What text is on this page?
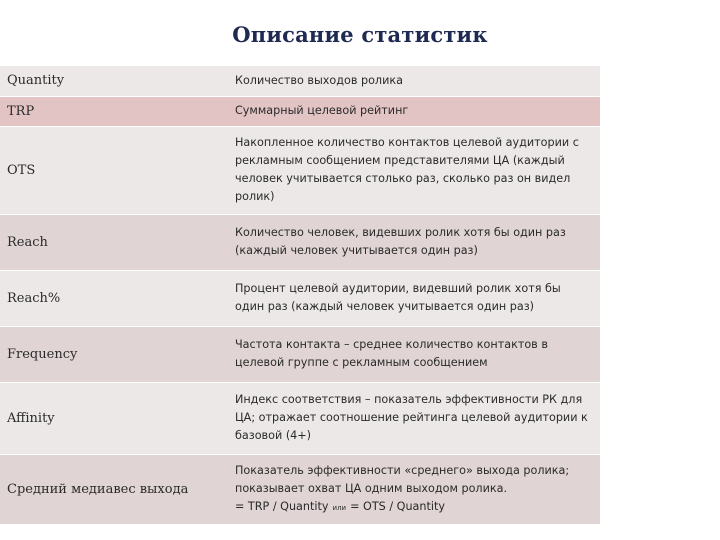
Описание статистик
Quantity	Количество выходов ролика
TRP	Суммарный целевой рейтинг
OTS	Накопленное количество контактов целевой аудитории с рекламным сообщением представителями ЦА (каждый человек учитывается столько раз, сколько раз он видел ролик)
Reach	Количество человек, видевших ролик хотя бы один раз (каждый человек учитывается один раз)
Reach%	Процент целевой аудитории, видевший ролик хотя бы один раз (каждый человек учитывается один раз)
Frequency	Частота контакта – среднее количество контактов в целевой группе с рекламным сообщением
Affinity	Индекс соответствия – показатель эффективности РК для ЦА; отражает соотношение рейтинга целевой аудитории к базовой (4+)
Средний медиавес выхода	Показатель эффективности «среднего» выхода ролика;
показывает охват ЦА одним выходом ролика.
= TRP / Quantity или = OTS / Quantity
